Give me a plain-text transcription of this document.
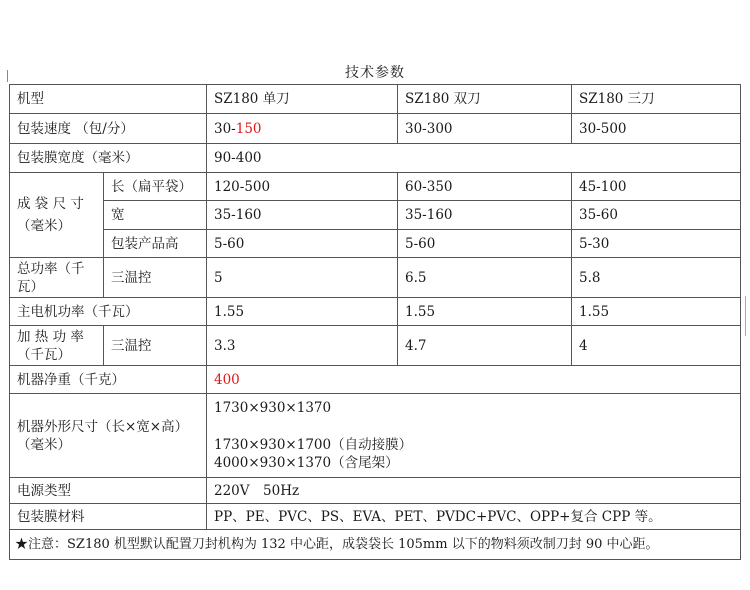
技术参数
机型		SZ180 单刀	SZ180 双刀	SZ180 三刀
包装速度 （包/分）		30-150	30-300	30-500
包装膜宽度（毫米）		90-400		
成 袋 尺 寸（毫米）	长（扁平袋）	120-500	60-350	45-100
	宽	35-160	35-160	35-60
	包装产品高	5-60	5-60	5-30
总功率（千瓦）	三温控	5	6.5	5.8
主电机功率（千瓦）		1.55	1.55	1.55
加 热 功 率（千瓦）	三温控	3.3	4.7	4
机器净重（千克）		400		
机器外形尺寸（长×宽×高）（毫米）		1730×930×1370
1730×930×1700（自动接膜）
4000×930×1370（含尾架）		
电源类型		220V　50Hz		
包装膜材料		PP、PE、PVC、PS、EVA、PET、PVDC+PVC、OPP+复合 CPP 等。		
★注意：SZ180 机型默认配置刀封机构为 132 中心距，成袋袋长 105mm 以下的物料须改制刀封 90 中心距。				
